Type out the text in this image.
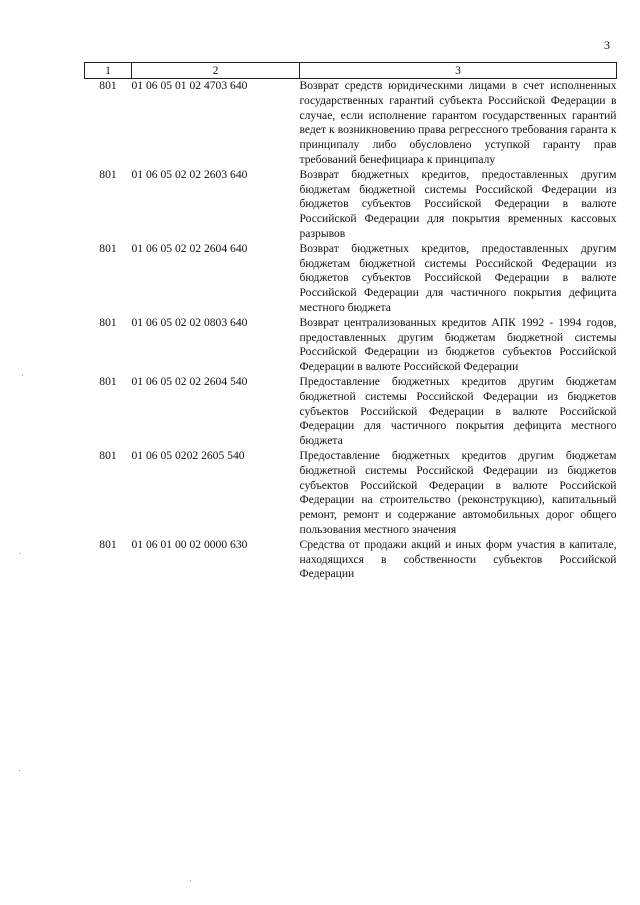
3
1	2	3
801	01 06 05 01 02 4703 640	Возврат средств юридическими лицами в счет исполненных государственных гарантий субъекта Российской Федерации в случае, если исполнение гарантом государственных гарантий ведет к возникновению права регрессного требования гаранта к принципалу либо обусловлено уступкой гаранту прав требований бенефициара к принципалу
801	01 06 05 02 02 2603 640	Возврат бюджетных кредитов, предоставленных другим бюджетам бюджетной системы Российской Федерации из бюджетов субъектов Российской Федерации в валюте Российской Федерации для покрытия временных кассовых разрывов
801	01 06 05 02 02 2604 640	Возврат бюджетных кредитов, предоставленных другим бюджетам бюджетной системы Российской Федерации из бюджетов субъектов Российской Федерации в валюте Российской Федерации для частичного покрытия дефицита местного бюджета
801	01 06 05 02 02 0803 640	Возврат централизованных кредитов АПК 1992 - 1994 годов, предоставленных другим бюджетам бюджетной системы Российской Федерации из бюджетов субъектов Российской Федерации в валюте Российской Федерации
801	01 06 05 02 02 2604 540	Предоставление бюджетных кредитов другим бюджетам бюджетной системы Российской Федерации из бюджетов субъектов Российской Федерации в валюте Российской Федерации для частичного покрытия дефицита местного бюджета
801	01 06 05 0202 2605 540	Предоставление бюджетных кредитов другим бюджетам бюджетной системы Российской Федерации из бюджетов субъектов Российской Федерации в валюте Российской Федерации на строительство (реконструкцию), капитальный ремонт, ремонт и содержание автомобильных дорог общего пользования местного значения
801	01 06 01 00 02 0000 630	Средства от продажи акций и иных форм участия в капитале, находящихся в собственности субъектов Российской Федерации
